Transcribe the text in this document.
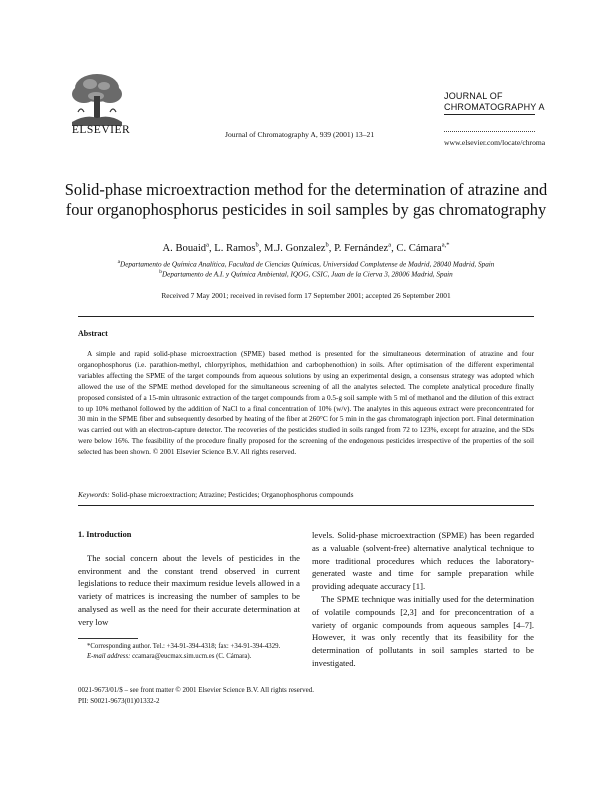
ELSEVIER	Journal of Chromatography A, 939 (2001) 13–21
JOURNAL OF
CHROMATOGRAPHY A
www.elsevier.com/locate/chroma
Solid-phase microextraction method for the determination of atrazine and four organophosphorus pesticides in soil samples by gas chromatography
A. Bouaid$^a$, L. Ramos$^b$, M.J. Gonzalez$^b$, P. Fernández$^a$, C. Cámara$^{a,*}$
$^a$Departamento de Química Analítica, Facultad de Ciencias Químicas, Universidad Complutense de Madrid, 28040 Madrid, Spain
$^b$Departamento de A.I. y Química Ambiental, IQOG, CSIC, Juan de la Cierva 3, 28006 Madrid, Spain
Received 7 May 2001; received in revised form 17 September 2001; accepted 26 September 2001
Abstract
A simple and rapid solid-phase microextraction (SPME) based method is presented for the simultaneous determination of atrazine and four organophosphorus (i.e. parathion-methyl, chlorpyriphos, methidathion and carbophenothion) in soils. After optimisation of the different experimental variables affecting the SPME of the target compounds from aqueous solutions by using an experimental design, a consensus strategy was adopted which allowed the use of the SPME method developed for the simultaneous screening of all the analytes selected. The complete analytical procedure finally proposed consisted of a 15-min ultrasonic extraction of the target compounds from a 0.5-g soil sample with 5 ml of methanol and the dilution of this extract to up 10% methanol followed by the addition of NaCl to a final concentration of 10% (w/v). The analytes in this aqueous extract were preconcentrated for 30 min in the SPME fiber and subsequently desorbed by heating of the fiber at 260°C for 5 min in the gas chromatograph injection port. Final determination was carried out with an electron-capture detector. The recoveries of the pesticides studied in soils ranged from 72 to 123%, except for atrazine, and the SDs were below 16%. The feasibility of the procedure finally proposed for the screening of the endogenous pesticides irrespective of the properties of the soil selected has been shown. © 2001 Elsevier Science B.V. All rights reserved.
Keywords: Solid-phase microextraction; Atrazine; Pesticides; Organophosphorus compounds
1. Introduction

The social concern about the levels of pesticides in the environment and the constant trend observed in current legislations to reduce their maximum residue levels allowed in a variety of matrices is increasing the number of samples to be analysed as well as the need for their accurate determination at very low

levels. Solid-phase microextraction (SPME) has been regarded as a valuable (solvent-free) alternative analytical technique to more traditional procedures which reduces the laboratory-generated waste and time for sample preparation while providing adequate accuracy [1].

The SPME technique was initially used for the determination of volatile compounds [2,3] and for preconcentration of a variety of organic compounds from aqueous samples [4–7]. However, it was only recently that its feasibility for the determination of pollutants in soil samples started to be investigated.

*Corresponding author. Tel.: +34-91-394-4318; fax: +34-91-394-4329.

E-mail address: ccamara@eucmax.sim.ucm.es (C. Cámara).

0021-9673/01/$ – see front matter © 2001 Elsevier Science B.V. All rights reserved.
PII: S0021-9673(01)01332-2
